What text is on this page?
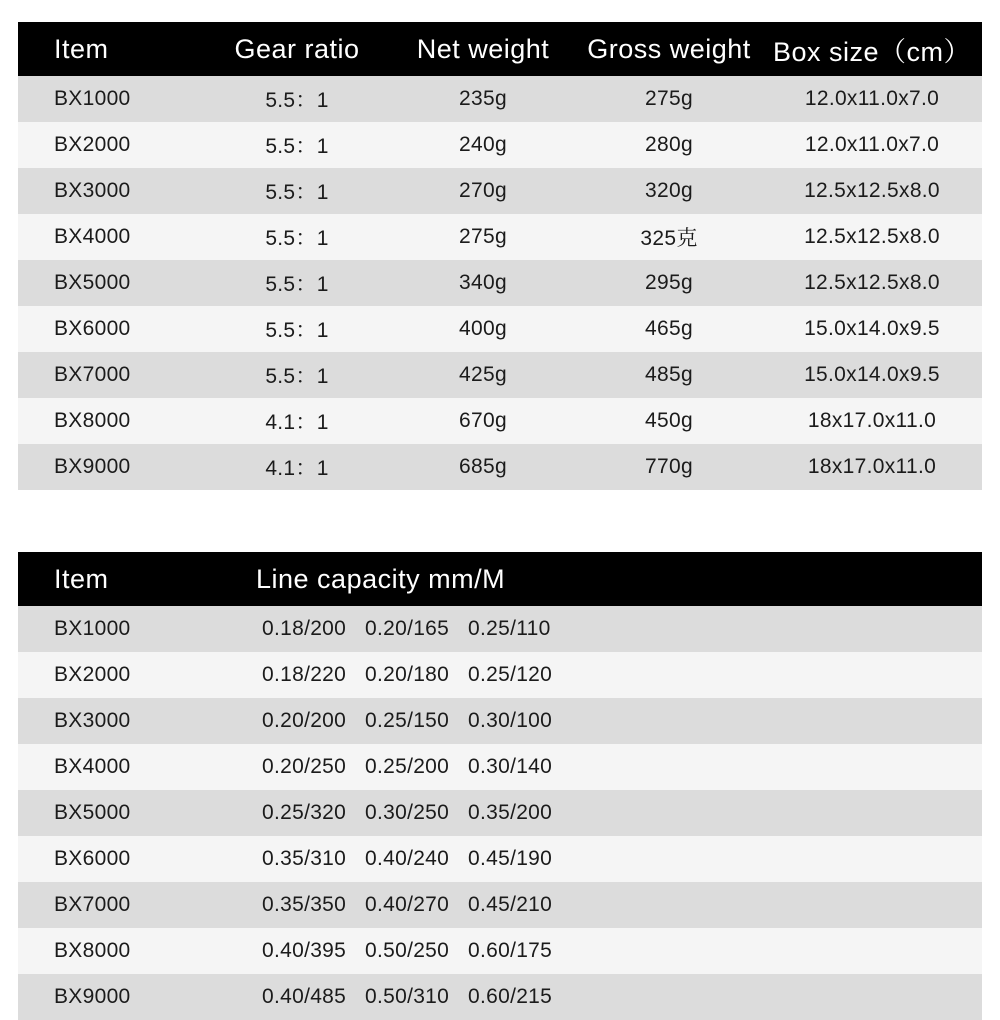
Item	Gear ratio	Net weight	Gross weight	Box size（cm）
BX1000	5.5：1	235g	275g	12.0x11.0x7.0
BX2000	5.5：1	240g	280g	12.0x11.0x7.0
BX3000	5.5：1	270g	320g	12.5x12.5x8.0
BX4000	5.5：1	275g	325克	12.5x12.5x8.0
BX5000	5.5：1	340g	295g	12.5x12.5x8.0
BX6000	5.5：1	400g	465g	15.0x14.0x9.5
BX7000	5.5：1	425g	485g	15.0x14.0x9.5
BX8000	4.1：1	670g	450g	18x17.0x11.0
BX9000	4.1：1	685g	770g	18x17.0x11.0
Item	Line capacity mm/M
BX1000	0.18/200 0.20/165 0.25/110
BX2000	0.18/220 0.20/180 0.25/120
BX3000	0.20/200 0.25/150 0.30/100
BX4000	0.20/250 0.25/200 0.30/140
BX5000	0.25/320 0.30/250 0.35/200
BX6000	0.35/310 0.40/240 0.45/190
BX7000	0.35/350 0.40/270 0.45/210
BX8000	0.40/395 0.50/250 0.60/175
BX9000	0.40/485 0.50/310 0.60/215
